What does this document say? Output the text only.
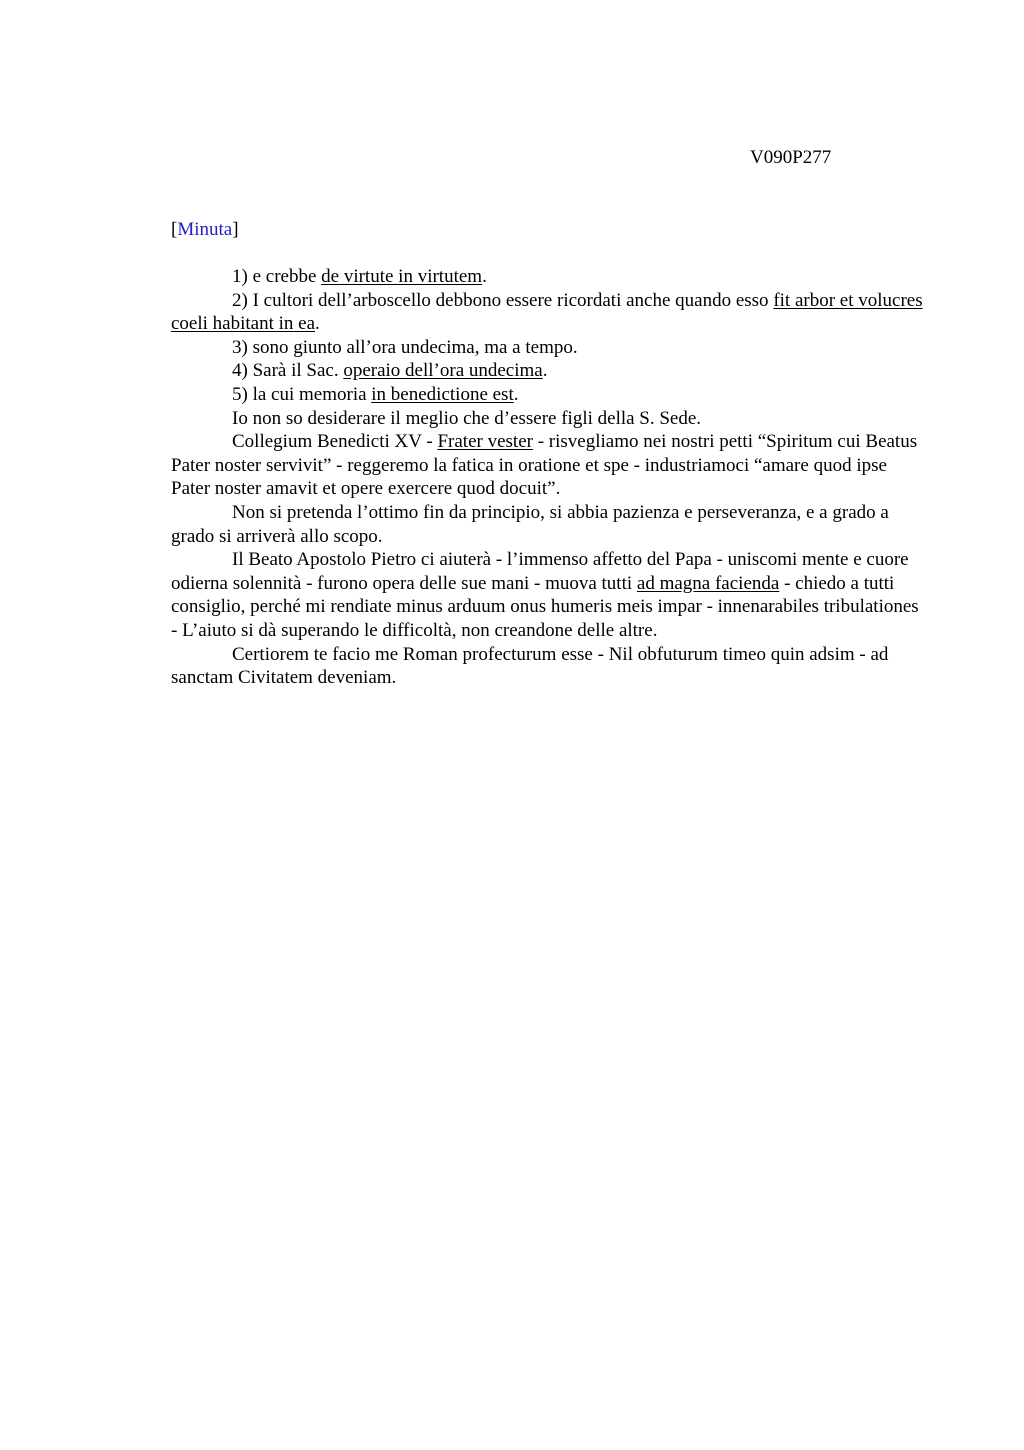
V090P277
[Minuta]

1) e crebbe de virtute in virtutem.

2) I cultori dell’arboscello debbono essere ricordati anche quando esso fit arbor et volucres coeli habitant in ea.

3) sono giunto all’ora undecima, ma a tempo.

4) Sarà il Sac. operaio dell’ora undecima.

5) la cui memoria in benedictione est.

Io non so desiderare il meglio che d’essere figli della S. Sede.

Collegium Benedicti XV - Frater vester - risvegliamo nei nostri petti “Spiritum cui Beatus Pater noster servivit” - reggeremo la fatica in oratione et spe - industriamoci “amare quod ipse Pater noster amavit et opere exercere quod docuit”.

Non si pretenda l’ottimo fin da principio, si abbia pazienza e perseveranza, e a grado a grado si arriverà allo scopo.

Il Beato Apostolo Pietro ci aiuterà - l’immenso affetto del Papa - uniscomi mente e cuore odierna solennità - furono opera delle sue mani - muova tutti ad magna facienda - chiedo a tutti consiglio, perché mi rendiate minus arduum onus humeris meis impar - innenarabiles tribulationes - L’aiuto si dà superando le difficoltà, non creandone delle altre.

Certiorem te facio me Roman profecturum esse - Nil obfuturum timeo quin adsim - ad sanctam Civitatem deveniam.
